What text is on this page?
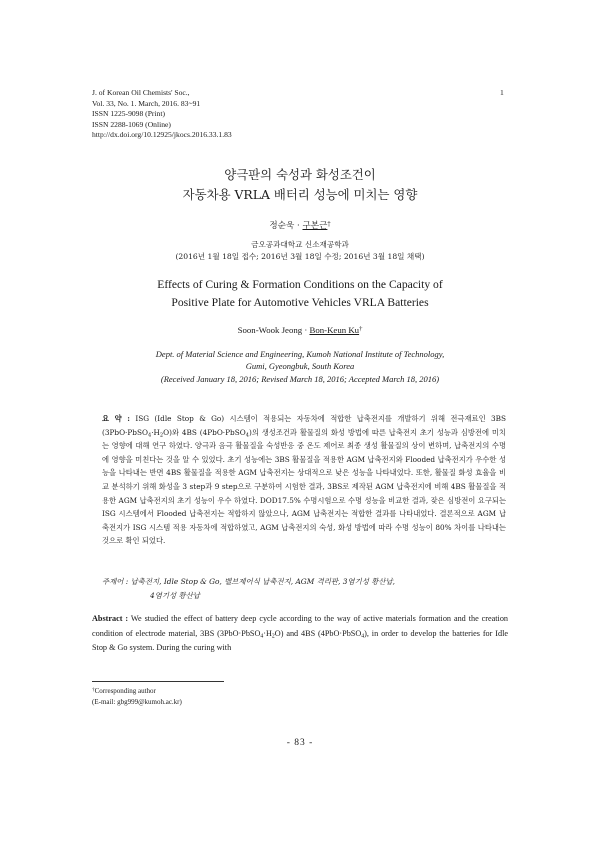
J. of Korean Oil Chemists' Soc.,
Vol. 33, No. 1. March, 2016. 83~91
ISSN 1225-9098 (Print)
ISSN 2288-1069 (Online)
http://dx.doi.org/10.12925/jkocs.2016.33.1.83
1
양극판의 숙성과 화성조건이
자동차용 VRLA 배터리 성능에 미치는 영향
정순욱 · 구본근†
금오공과대학교 신소재공학과
(2016년 1월 18일 접수; 2016년 3월 18일 수정; 2016년 3월 18일 채택)
Effects of Curing & Formation Conditions on the Capacity of
Positive Plate for Automotive Vehicles VRLA Batteries
Soon-Wook Jeong · Bon-Keun Ku†
Dept. of Material Science and Engineering, Kumoh National Institute of Technology,
Gumi, Gyeongbuk, South Korea
(Received January 18, 2016; Revised March 18, 2016; Accepted March 18, 2016)
요 약 : ISG (Idle Stop & Go) 시스템이 적용되는 자동차에 적합한 납축전지를 개발하기 위해 전극재료인 3BS $(3PbO\cdot PbSO_4\cdot H_2O)$와 4BS (4PbO·PbSO$_4$)의 생성조건과 활물질의 화성 방법에 따른 납축전지 초기 성능과 심방전에 미치는 영향에 대해 연구 하였다. 양극과 음극 활물질을 숙성반응 중 온도 제어로 최종 생성 활물질의 상이 변하며, 납축전지의 수명에 영향을 미친다는 것을 알 수 있었다. 초기 성능에는 3BS 활물질을 적용한 AGM 납축전지와 Flooded 납축전지가 우수한 성능을 나타내는 반면 4BS 활물질을 적용한 AGM 납축전지는 상대적으로 낮은 성능을 나타내었다. 또한, 활물질 화성 효율을 비교 분석하기 위해 화성을 3 step과 9 step으로 구분하여 시험한 결과, 3BS로 제작된 AGM 납축전지에 비해 4BS 활물질을 적용한 AGM 납축전지의 초기 성능이 우수 하였다. DOD17.5% 수명시험으로 수명 성능을 비교한 결과, 잦은 심방전이 요구되는 ISG 시스템에서 Flooded 납축전지는 적합하지 않았으나, AGM 납축전지는 적합한 결과를 나타내었다. 결론적으로 AGM 납축전지가 ISG 시스템 적용 자동차에 적합하였고, AGM 납축전지의 숙성, 화성 방법에 따라 수명 성능이 80% 차이를 나타내는 것으로 확인 되었다.
주제어 : 납축전지, Idle Stop & Go, 밸브제어식 납축전지, AGM 격리판, 3염기성 황산납,
4염기성 황산납
Abstract : We studied the effect of battery deep cycle according to the way of active materials formation and the creation condition of electrode material, 3BS $(3PbO\cdot PbSO_4\cdot H_2O)$ and 4BS (4PbO·PbSO$_4$), in order to develop the batteries for Idle Stop & Go system. During the curing with
†Corresponding author
(E-mail: gbg999@kumoh.ac.kr)
- 83 -
